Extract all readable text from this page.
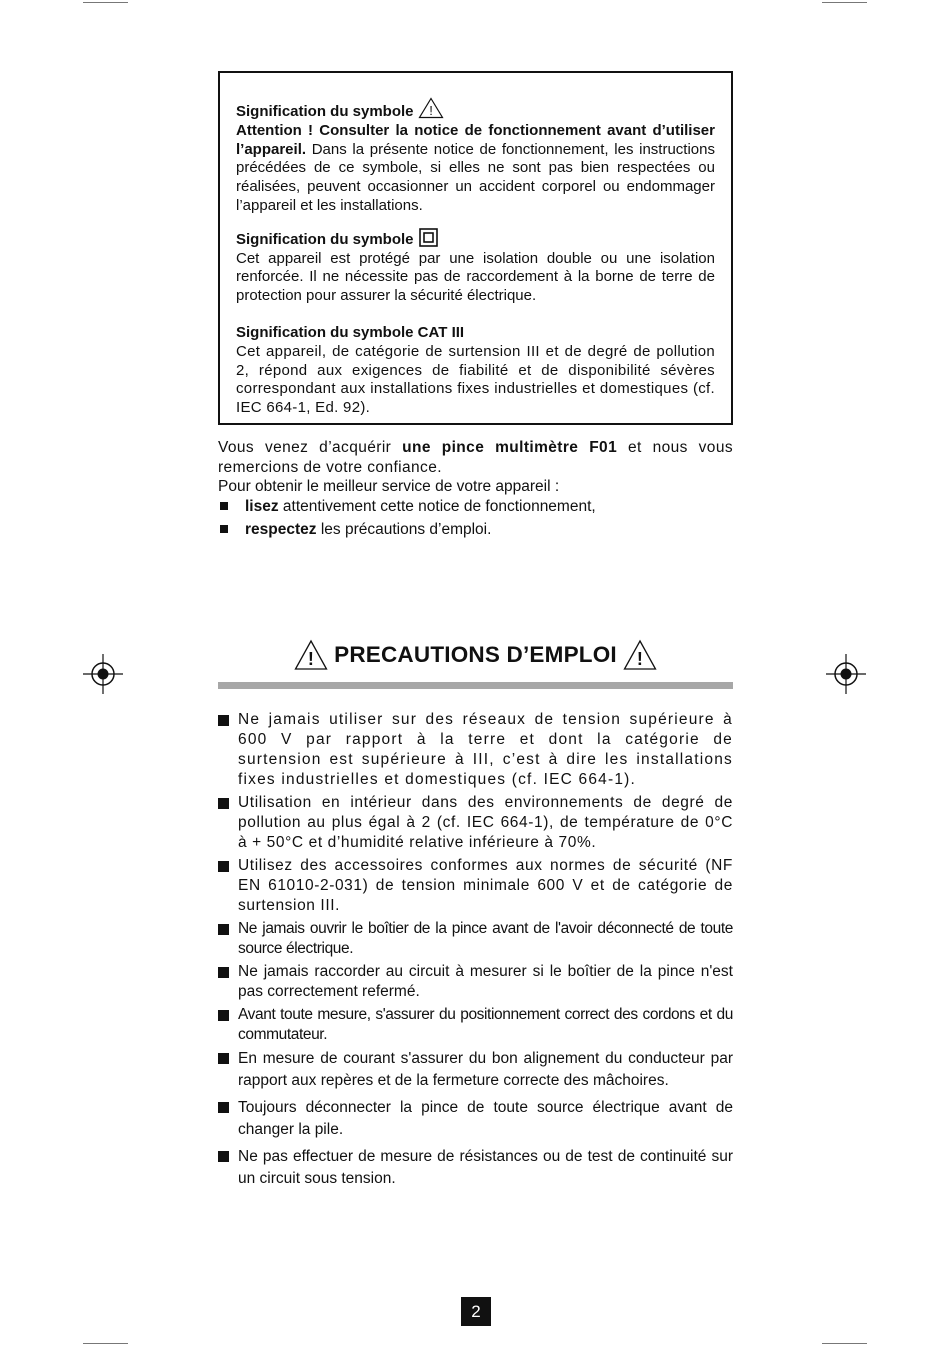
Signification du symbole !

Attention ! Consulter la notice de fonctionnement avant d’utiliser l’appareil. Dans la présente notice de fonctionnement, les instructions précédées de ce symbole, si elles ne sont pas bien respectées ou réalisées, peuvent occasionner un accident corporel ou endommager l’appareil et les installations.

Signification du symbole

Cet appareil est protégé par une isolation double ou une isolation renforcée. Il ne nécessite pas de raccordement à la borne de terre de protection pour assurer la sécurité électrique.

Signification du symbole CAT III

Cet appareil, de catégorie de surtension III et de degré de pollution 2, répond aux exigences de fiabilité et de disponibilité sévères correspondant aux installations fixes industrielles et domestiques (cf. IEC 664-1, Ed. 92).

Vous venez d’acquérir une pince multimètre F01 et nous vous remercions de votre confiance.

Pour obtenir le meilleur service de votre appareil :

lisez attentivement cette notice de fonctionnement,
respectez les précautions d’emploi.
! PRECAUTIONS D’EMPLOI !
Ne jamais utiliser sur des réseaux de tension supérieure à 600 V par rapport à la terre et dont la catégorie de surtension est supérieure à III, c’est à dire les installations fixes industrielles et domestiques (cf. IEC 664-1).
Utilisation en intérieur dans des environnements de degré de pollution au plus égal à 2 (cf. IEC 664-1), de température de 0°C à + 50°C et d’humidité relative inférieure à 70%.
Utilisez des accessoires conformes aux normes de sécurité (NF EN 61010-2-031) de tension minimale 600 V et de catégorie de surtension III.
Ne jamais ouvrir le boîtier de la pince avant de l'avoir déconnecté de toute source électrique.
Ne jamais raccorder au circuit à mesurer si le boîtier de la pince n'est pas correctement refermé.
Avant toute mesure, s'assurer du positionnement correct des cordons et du commutateur.
En mesure de courant s'assurer du bon alignement du conducteur par rapport aux repères et de la fermeture correcte des mâchoires.
Toujours déconnecter la pince de toute source électrique avant de changer la pile.
Ne pas effectuer de mesure de résistances ou de test de continuité sur un circuit sous tension.
2
